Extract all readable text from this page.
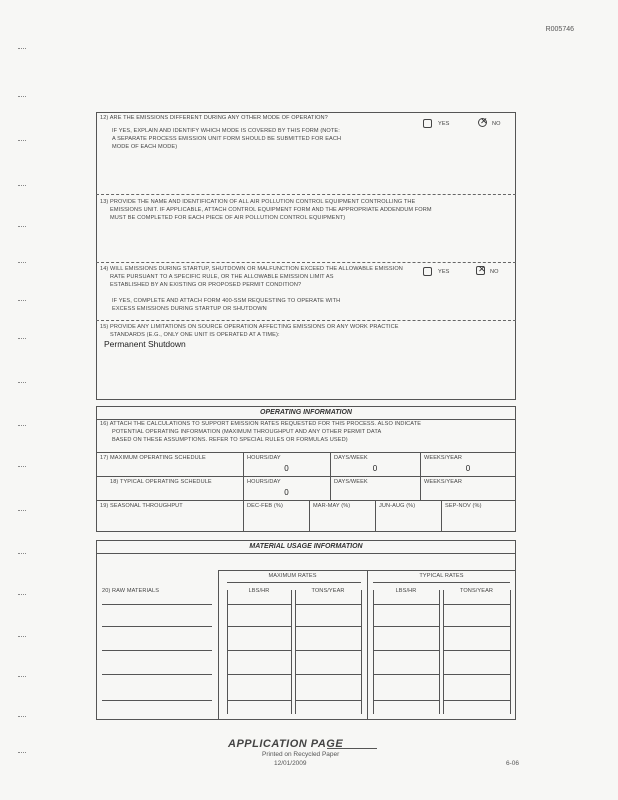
R005746
12) ARE THE EMISSIONS DIFFERENT DURING ANY OTHER MODE OF OPERATION?
YES	✕ NO
IF YES, EXPLAIN AND IDENTIFY WHICH MODE IS COVERED BY THIS FORM (NOTE:
A SEPARATE PROCESS EMISSION UNIT FORM SHOULD BE SUBMITTED FOR EACH
MODE OF EACH MODE)
13) PROVIDE THE NAME AND IDENTIFICATION OF ALL AIR POLLUTION CONTROL EQUIPMENT CONTROLLING THE
EMISSIONS UNIT. IF APPLICABLE, ATTACH CONTROL EQUIPMENT FORM AND THE APPROPRIATE ADDENDUM FORM
MUST BE COMPLETED FOR EACH PIECE OF AIR POLLUTION CONTROL EQUIPMENT)
14) WILL EMISSIONS DURING STARTUP, SHUTDOWN OR MALFUNCTION EXCEED THE ALLOWABLE EMISSION
RATE PURSUANT TO A SPECIFIC RULE, OR THE ALLOWABLE EMISSION LIMIT AS
ESTABLISHED BY AN EXISTING OR PROPOSED PERMIT CONDITION?
YES	✕ NO
IF YES, COMPLETE AND ATTACH FORM 400-SSM REQUESTING TO OPERATE WITH
EXCESS EMISSIONS DURING STARTUP OR SHUTDOWN
15) PROVIDE ANY LIMITATIONS ON SOURCE OPERATION AFFECTING EMISSIONS OR ANY WORK PRACTICE
STANDARDS (E.G., ONLY ONE UNIT IS OPERATED AT A TIME):
Permanent Shutdown
OPERATING INFORMATION
16) ATTACH THE CALCULATIONS TO SUPPORT EMISSION RATES REQUESTED FOR THIS PROCESS. ALSO INDICATE
POTENTIAL OPERATING INFORMATION (MAXIMUM THROUGHPUT AND ANY OTHER PERMIT DATA
BASED ON THESE ASSUMPTIONS. REFER TO SPECIAL RULES OR FORMULAS USED)
17) MAXIMUM OPERATING SCHEDULE	HOURS/DAY	DAYS/WEEK	WEEKS/YEAR
0	0	0
18) TYPICAL OPERATING SCHEDULE	HOURS/DAY	DAYS/WEEK	WEEKS/YEAR
0
19) SEASONAL THROUGHPUT	DEC-FEB (%)	MAR-MAY (%)	JUN-AUG (%)	SEP-NOV (%)
MATERIAL USAGE INFORMATION
MAXIMUM RATES	TYPICAL RATES
20) RAW MATERIALS	LBS/HR	TONS/YEAR	LBS/HR	TONS/YEAR
APPLICATION PAGE
Printed on Recycled Paper
12/01/2009	6-06
